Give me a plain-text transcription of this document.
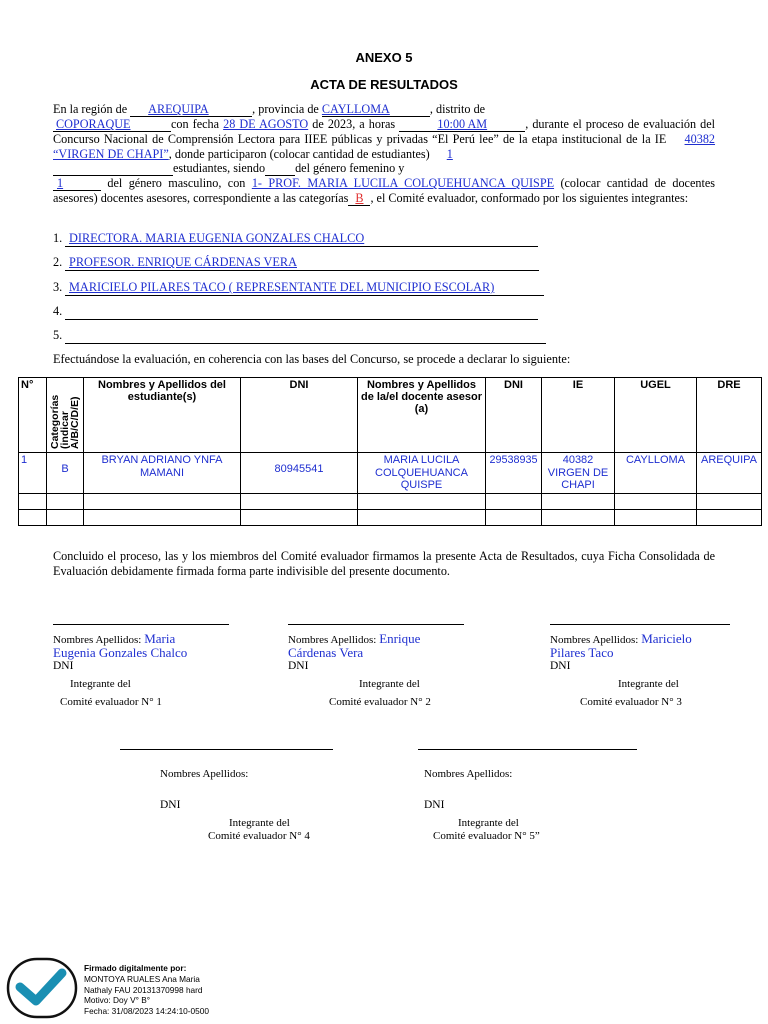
ANEXO 5
ACTA DE RESULTADOS
En la región de AREQUIPA	, provincia de CAYLLOMA	, distrito de
COPORAQUE	con fecha 28 DE AGOSTO de 2023, a horas	10:00 AM	, durante el proceso de evaluación del Concurso Nacional de Comprensión Lectora para IIEE públicas y privadas “El Perú lee” de la etapa institucional de la IE 40382 “VIRGEN DE CHAPI”, donde participaron (colocar cantidad de estudiantes) 1
estudiantes, siendo del género femenino y
1	del género masculino, con 1- PROF. MARIA LUCILA COLQUEHUANCA QUISPE (colocar cantidad de docentes asesores) docentes asesores, correspondiente a las categorías B , el Comité evaluador, conformado por los siguientes integrantes:
1. DIRECTORA. MARIA EUGENIA GONZALES CHALCO
2. PROFESOR. ENRIQUE CÁRDENAS VERA
3. MARICIELO PILARES TACO ( REPRESENTANTE DEL MUNICIPIO ESCOLAR)
4.
5.
Efectuándose la evaluación, en coherencia con las bases del Concurso, se procede a declarar lo siguiente:
N°	Categorías (indicar A/B/C/D/E)	Nombres y Apellidos del estudiante(s)	DNI	Nombres y Apellidos de la/el docente asesor (a)	DNI	IE	UGEL	DRE
1	B	BRYAN ADRIANO YNFA MAMANI	80945541	MARIA LUCILA COLQUEHUANCA QUISPE	29538935	40382 VIRGEN DE CHAPI	CAYLLOMA	AREQUIPA

Concluido el proceso, las y los miembros del Comité evaluador firmamos la presente Acta de Resultados, cuya Ficha Consolidada de Evaluación debidamente firmada forma parte indivisible del presente documento.
Nombres Apellidos: Maria
Eugenia Gonzales Chalco
DNI
Integrante del
Comité evaluador N° 1
Nombres Apellidos: Enrique
Cárdenas Vera
DNI
Integrante del
Comité evaluador N° 2
Nombres Apellidos: Maricielo
Pilares Taco
DNI
Integrante del
Comité evaluador N° 3
Nombres Apellidos:

DNI
Integrante del
Comité evaluador N° 4
Nombres Apellidos:

DNI
Integrante del
Comité evaluador N° 5”
Firmado digitalmente por:
MONTOYA RUALES Ana Maria
Nathaly FAU 20131370998 hard
Motivo: Doy V° B°
Fecha: 31/08/2023 14:24:10-0500
